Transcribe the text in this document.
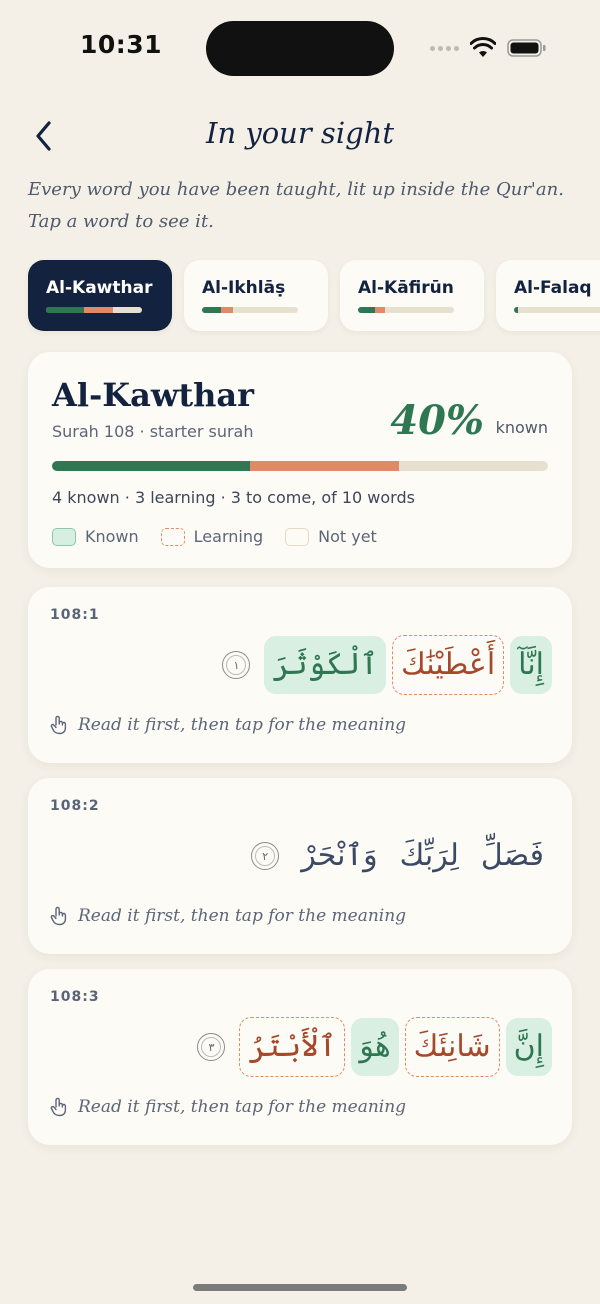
10:31
In your sight
Every word you have been taught, lit up inside the Qur'an.
Tap a word to see it.
Al-Kawthar	Al-Ikhlāṣ	Al-Kāfirūn	Al-Falaq
Al-Kawthar
Surah 108 · starter surah	40% known
4 known · 3 learning · 3 to come, of 10 words
Known	Learning	Not yet
108:1
إِنَّآ
أَعْطَيْنَٰكَ
ٱلْكَوْثَرَ
١
Read it first, then tap for the meaning
108:2
فَصَلِّ
لِرَبِّكَ
وَٱنْحَرْ
٢
Read it first, then tap for the meaning
108:3
إِنَّ
شَانِئَكَ
هُوَ
ٱلْأَبْتَرُ
٣
Read it first, then tap for the meaning
